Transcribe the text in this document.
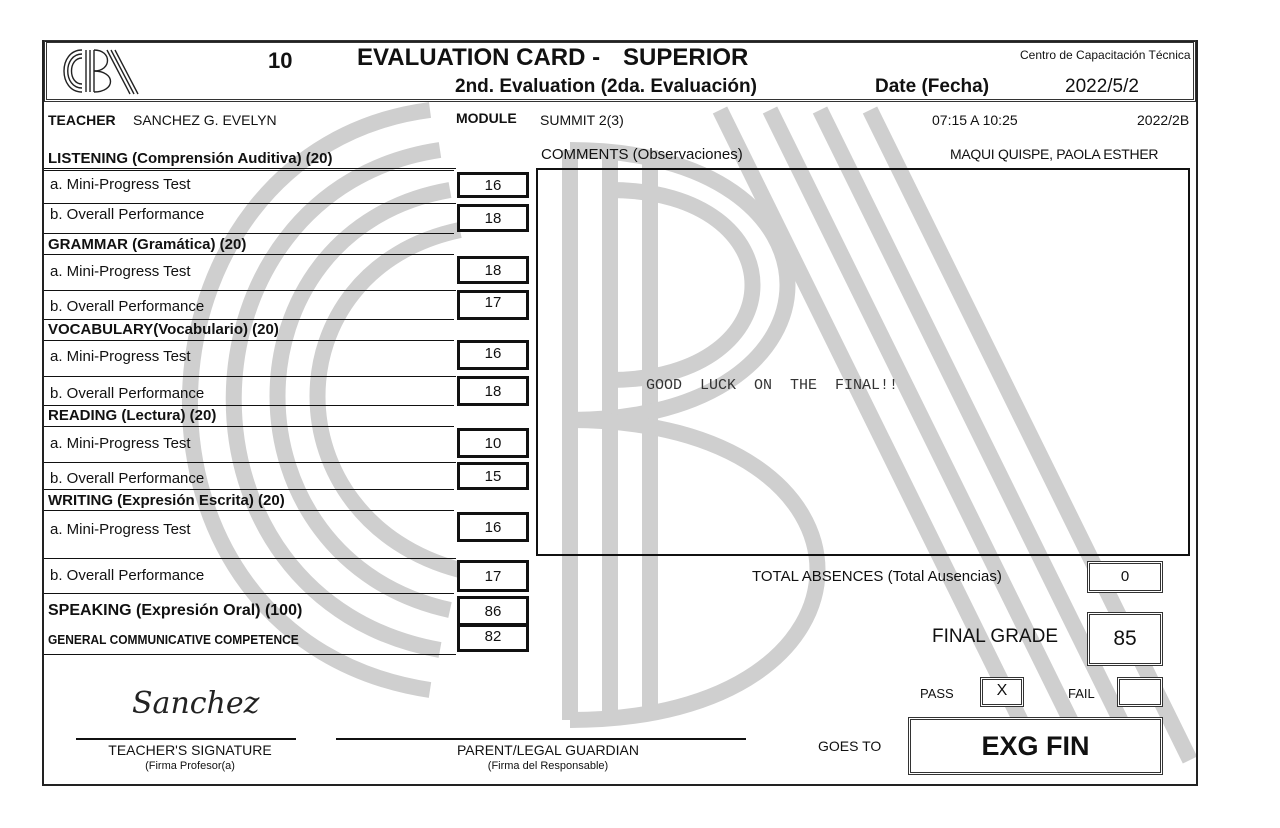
10	EVALUATION CARD - SUPERIOR
2nd. Evaluation (2da. Evaluación)
Centro de Capacitación Técnica
Date (Fecha)	2022/5/2
TEACHER SANCHEZ G. EVELYN	MODULE SUMMIT 2(3)	07:15 A 10:25	2022/2B
COMMENTS (Observaciones)	MAQUI QUISPE, PAOLA ESTHER
LISTENING (Comprensión Auditiva) (20)
a. Mini-Progress Test	16
b. Overall Performance	18
GRAMMAR (Gramática) (20)
a. Mini-Progress Test	18
b. Overall Performance	17
VOCABULARY(Vocabulario) (20)
a. Mini-Progress Test	16
b. Overall Performance	18
READING (Lectura) (20)
a. Mini-Progress Test	10
b. Overall Performance	15
WRITING (Expresión Escrita) (20)
a. Mini-Progress Test	16
b. Overall Performance	17
SPEAKING (Expresión Oral) (100)	86
GENERAL COMMUNICATIVE COMPETENCE	82
GOOD  LUCK  ON  THE  FINAL!!
TOTAL ABSENCES (Total Ausencias)	0
FINAL GRADE	85
PASS	X	FAIL
GOES TO	EXG FIN
Sanchez
TEACHER'S SIGNATURE
(Firma Profesor(a)
PARENT/LEGAL GUARDIAN
(Firma del Responsable)
